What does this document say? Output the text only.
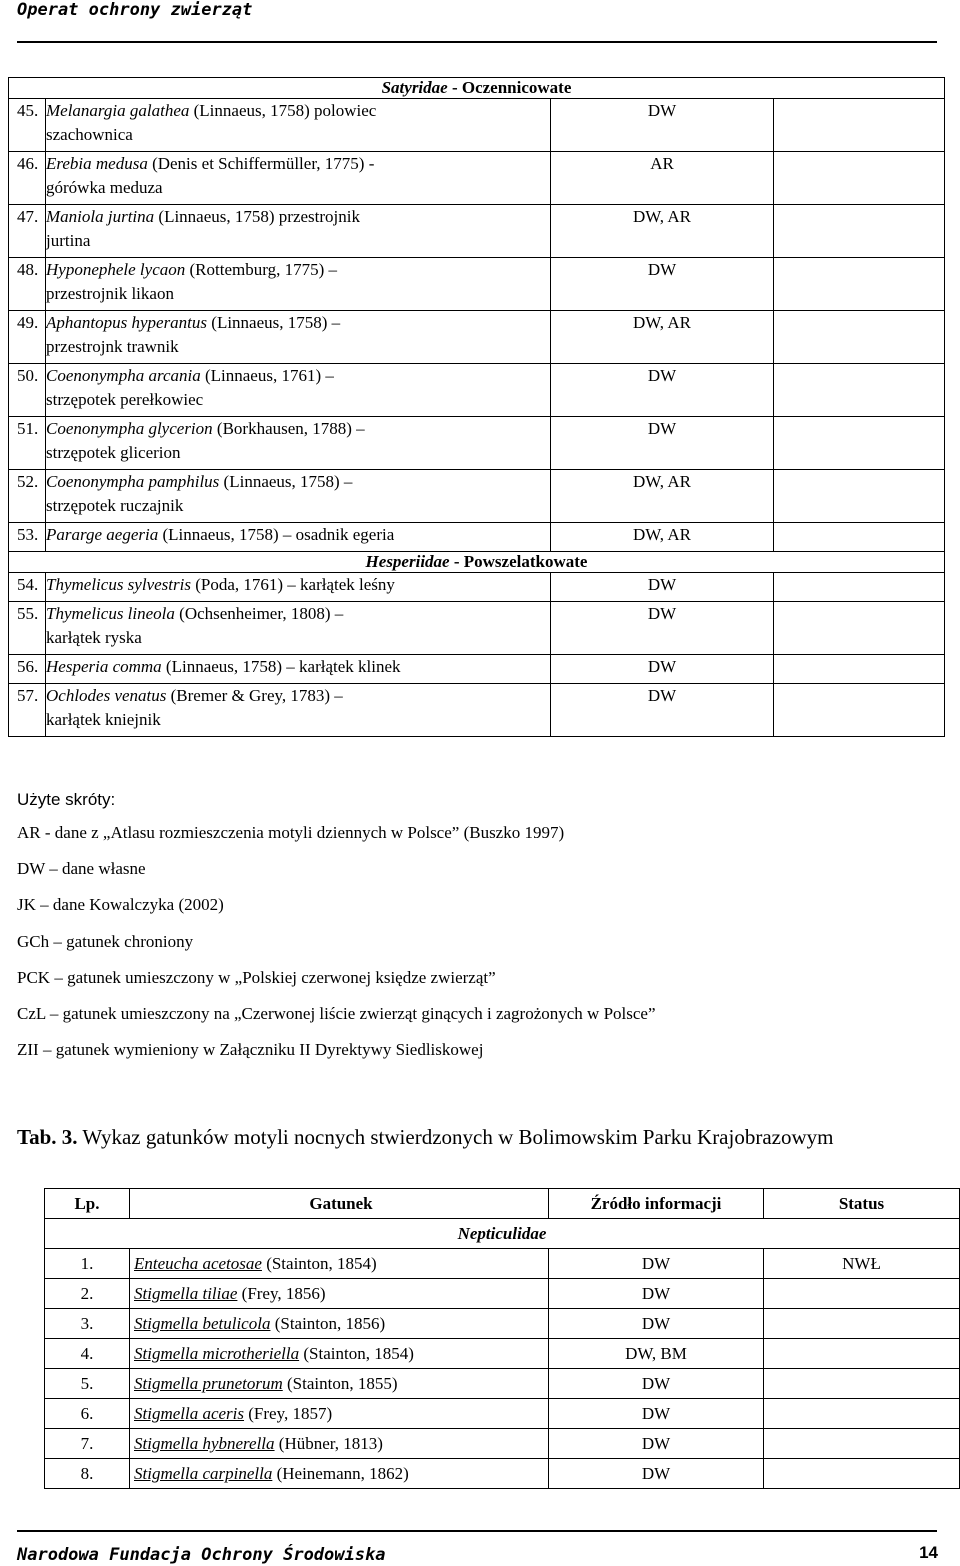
Operat ochrony zwierząt
Satyridae - Oczennicowate			
45.	Melanargia galathea (Linnaeus, 1758) polowiec
szachownica	DW	
46.	Erebia medusa (Denis et Schiffermüller, 1775) -
górówka meduza	AR	
47.	Maniola jurtina (Linnaeus, 1758) przestrojnik
jurtina	DW, AR	
48.	Hyponephele lycaon (Rottemburg, 1775) –
przestrojnik likaon	DW	
49.	Aphantopus hyperantus (Linnaeus, 1758) –
przestrojnk trawnik	DW, AR	
50.	Coenonympha arcania (Linnaeus, 1761) –
strzępotek perełkowiec	DW	
51.	Coenonympha glycerion (Borkhausen, 1788) –
strzępotek glicerion	DW	
52.	Coenonympha pamphilus (Linnaeus, 1758) –
strzępotek ruczajnik	DW, AR	
53.	Pararge aegeria (Linnaeus, 1758) – osadnik egeria	DW, AR	
Hesperiidae - Powszelatkowate			
54.	Thymelicus sylvestris (Poda, 1761) – karłątek leśny	DW	
55.	Thymelicus lineola (Ochsenheimer, 1808) –
karłątek ryska	DW	
56.	Hesperia comma (Linnaeus, 1758) – karłątek klinek	DW	
57.	Ochlodes venatus (Bremer & Grey, 1783) –
karłątek kniejnik	DW	
Użyte skróty:
AR - dane z „Atlasu rozmieszczenia motyli dziennych w Polsce” (Buszko 1997)
DW – dane własne
JK – dane Kowalczyka (2002)
GCh – gatunek chroniony
PCK – gatunek umieszczony w „Polskiej czerwonej księdze zwierząt”
CzL – gatunek umieszczony na „Czerwonej liście zwierząt ginących i zagrożonych w Polsce”
ZII – gatunek wymieniony w Załączniku II Dyrektywy Siedliskowej
Tab. 3. Wykaz gatunków motyli nocnych stwierdzonych w Bolimowskim Parku Krajobrazowym
Lp.	Gatunek	Źródło informacji	Status
Nepticulidae			
1.	Enteucha acetosae (Stainton, 1854)	DW	NWŁ
2.	Stigmella tiliae (Frey, 1856)	DW	
3.	Stigmella betulicola (Stainton, 1856)	DW	
4.	Stigmella microtheriella (Stainton, 1854)	DW, BM	
5.	Stigmella prunetorum (Stainton, 1855)	DW	
6.	Stigmella aceris (Frey, 1857)	DW	
7.	Stigmella hybnerella (Hübner, 1813)	DW	
8.	Stigmella carpinella (Heinemann, 1862)	DW	
Narodowa Fundacja Ochrony Środowiska	14
